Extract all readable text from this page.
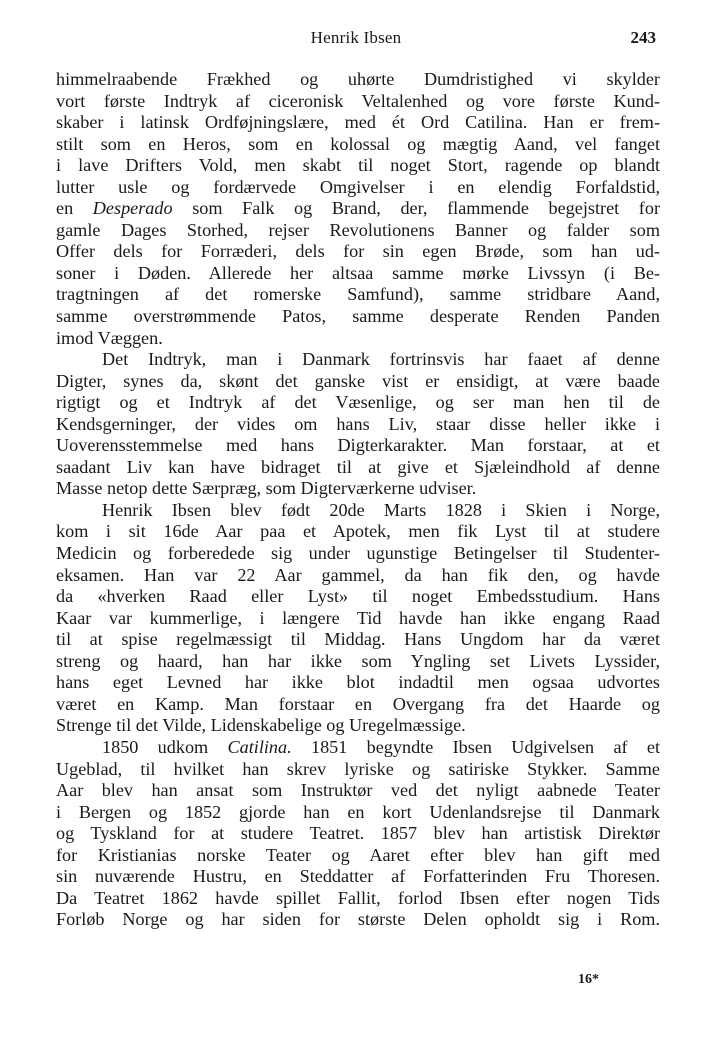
Henrik Ibsen	243
himmelraabende Frækhed og uhørte Dumdristighed vi skylder
vort første Indtryk af ciceronisk Veltalenhed og vore første Kund-
skaber i latinsk Ordføjningslære, med ét Ord Catilina. Han er frem-
stilt som en Heros, som en kolossal og mægtig Aand, vel fanget
i lave Drifters Vold, men skabt til noget Stort, ragende op blandt
lutter usle og fordærvede Omgivelser i en elendig Forfaldstid,
en Desperado som Falk og Brand, der, flammende begejstret for
gamle Dages Storhed, rejser Revolutionens Banner og falder som
Offer dels for Forræderi, dels for sin egen Brøde, som han ud-
soner i Døden. Allerede her altsaa samme mørke Livssyn (i Be-
tragtningen af det romerske Samfund), samme stridbare Aand,
samme overstrømmende Patos, samme desperate Renden Panden
imod Væggen.
Det Indtryk, man i Danmark fortrinsvis har faaet af denne
Digter, synes da, skønt det ganske vist er ensidigt, at være baade
rigtigt og et Indtryk af det Væsenlige, og ser man hen til de
Kendsgerninger, der vides om hans Liv, staar disse heller ikke i
Uoverensstemmelse med hans Digterkarakter. Man forstaar, at et
saadant Liv kan have bidraget til at give et Sjæleindhold af denne
Masse netop dette Særpræg, som Digterværkerne udviser.
Henrik Ibsen blev født 20de Marts 1828 i Skien i Norge,
kom i sit 16de Aar paa et Apotek, men fik Lyst til at studere
Medicin og forberedede sig under ugunstige Betingelser til Studenter-
eksamen. Han var 22 Aar gammel, da han fik den, og havde
da «hverken Raad eller Lyst» til noget Embedsstudium. Hans
Kaar var kummerlige, i længere Tid havde han ikke engang Raad
til at spise regelmæssigt til Middag. Hans Ungdom har da været
streng og haard, han har ikke som Yngling set Livets Lyssider,
hans eget Levned har ikke blot indadtil men ogsaa udvortes
været en Kamp. Man forstaar en Overgang fra det Haarde og
Strenge til det Vilde, Lidenskabelige og Uregelmæssige.
1850 udkom Catilina. 1851 begyndte Ibsen Udgivelsen af et
Ugeblad, til hvilket han skrev lyriske og satiriske Stykker. Samme
Aar blev han ansat som Instruktør ved det nyligt aabnede Teater
i Bergen og 1852 gjorde han en kort Udenlandsrejse til Danmark
og Tyskland for at studere Teatret. 1857 blev han artistisk Direktør
for Kristianias norske Teater og Aaret efter blev han gift med
sin nuværende Hustru, en Steddatter af Forfatterinden Fru Thoresen.
Da Teatret 1862 havde spillet Fallit, forlod Ibsen efter nogen Tids
Forløb Norge og har siden for største Delen opholdt sig i Rom.
16*
